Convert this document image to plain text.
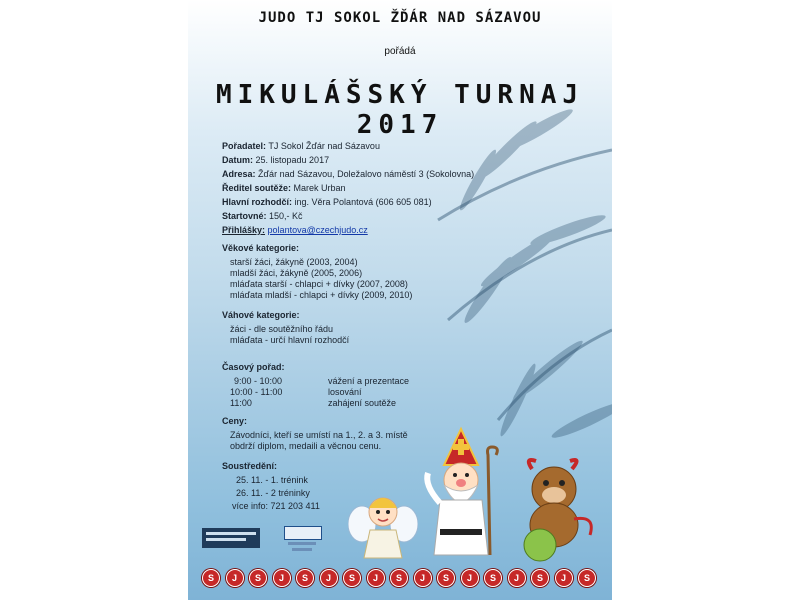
JUDO TJ SOKOL ŽĎÁR NAD SÁZAVOU
pořádá
MIKULÁŠSKÝ TURNAJ 2017
Pořadatel: TJ Sokol Žďár nad Sázavou
Datum: 25. listopadu 2017
Adresa: Žďár nad Sázavou, Doležalovo náměstí 3 (Sokolovna)
Ředitel soutěže: Marek Urban
Hlavní rozhodčí: ing. Věra Polantová (606 605 081)
Startovné: 150,- Kč
Přihlášky: polantova@czechjudo.cz
Věkové kategorie:
starší žáci, žákyně (2003, 2004)
mladší žáci, žákyně (2005, 2006)
mláďata starší - chlapci + dívky (2007, 2008)
mláďata mladší - chlapci + dívky (2009, 2010)
Váhové kategorie:
žáci - dle soutěžního řádu
mláďata - určí hlavní rozhodčí
Časový pořad:
9:00 - 10:00	vážení a prezentace
10:00 - 11:00	losování
11:00	zahájení soutěže
Ceny:
Závodníci, kteří se umístí na 1., 2. a 3. místě
obdrží diplom, medaili a věcnou cenu.
Soustředění:
25. 11. - 1. trénink
26. 11. - 2 tréninky
více info: 721 203 411
S	J	S	J	S	J	S	J	S	J	S	J	S	J	S	J	S
